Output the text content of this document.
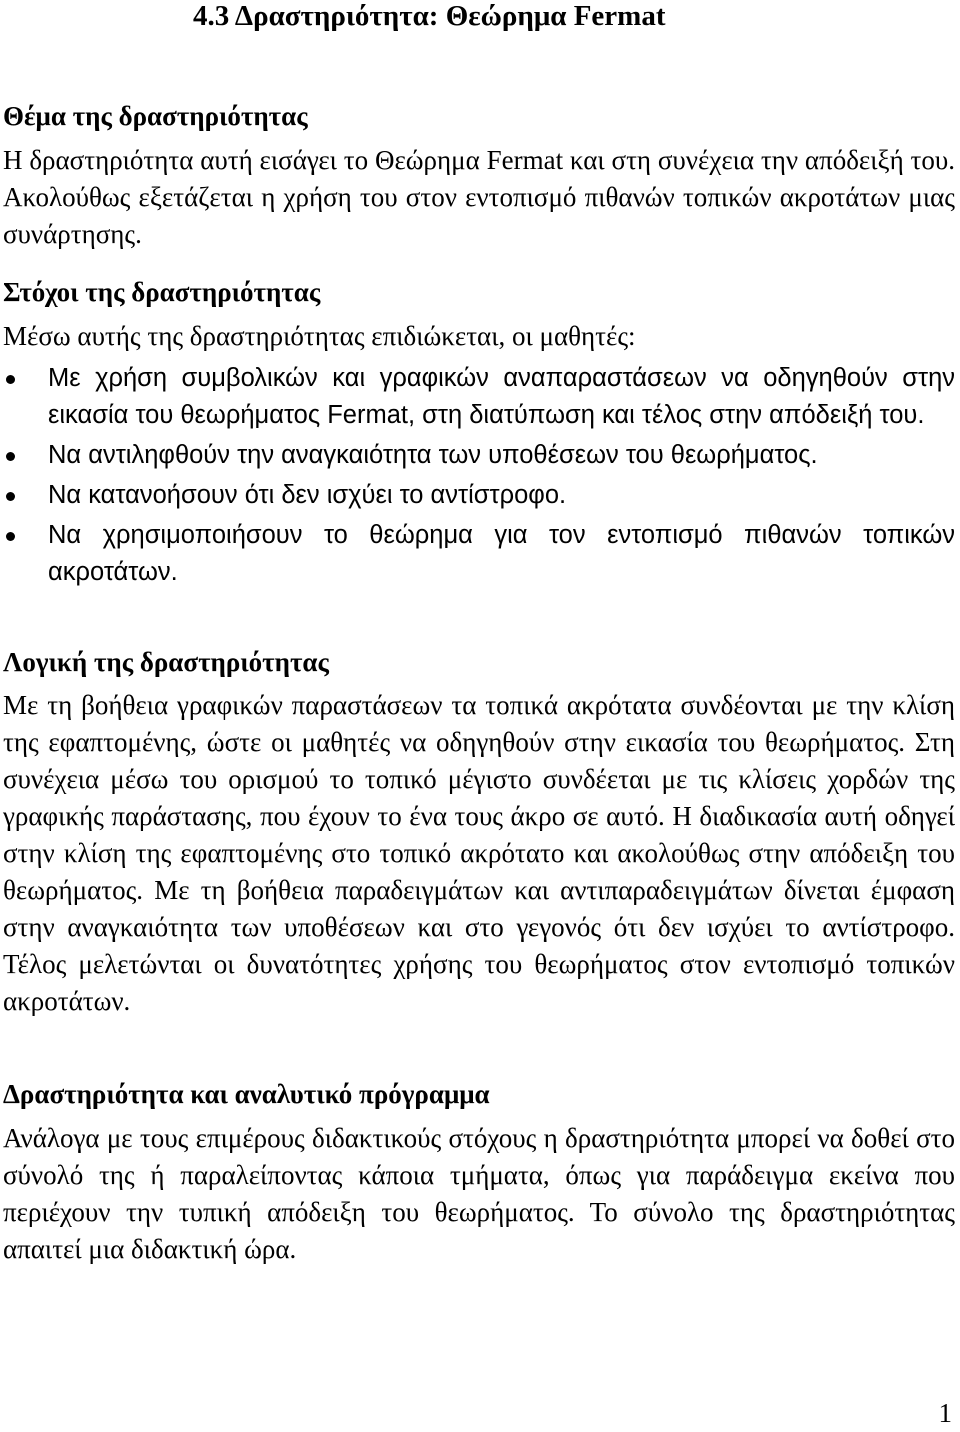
4.3 Δραστηριότητα: Θεώρημα Fermat
Θέμα της δραστηριότητας
Η δραστηριότητα αυτή εισάγει το Θεώρημα Fermat και στη συνέχεια την απόδειξή του. Ακολούθως εξετάζεται η χρήση του στον εντοπισμό πιθανών τοπικών ακροτάτων μιας συνάρτησης.
Στόχοι της δραστηριότητας
Μέσω αυτής της δραστηριότητας επιδιώκεται, οι μαθητές:
Με χρήση συμβολικών και γραφικών αναπαραστάσεων να οδηγηθούν στην εικασία του θεωρήματος Fermat, στη διατύπωση και τέλος στην απόδειξή του.
Να αντιληφθούν την αναγκαιότητα των υποθέσεων του θεωρήματος.
Να κατανοήσουν ότι δεν ισχύει το αντίστροφο.
Να χρησιμοποιήσουν το θεώρημα για τον εντοπισμό πιθανών τοπικών ακροτάτων.
Λογική της δραστηριότητας
Με τη βοήθεια γραφικών παραστάσεων τα τοπικά ακρότατα συνδέονται με την κλίση της εφαπτομένης, ώστε οι μαθητές να οδηγηθούν στην εικασία του θεωρήματος. Στη συνέχεια μέσω του ορισμού το τοπικό μέγιστο συνδέεται με τις κλίσεις χορδών της γραφικής παράστασης, που έχουν το ένα τους άκρο σε αυτό. Η διαδικασία αυτή οδηγεί στην κλίση της εφαπτομένης στο τοπικό ακρότατο και ακολούθως στην απόδειξη του θεωρήματος. Με τη βοήθεια παραδειγμάτων και αντιπαραδειγμάτων δίνεται έμφαση στην αναγκαιότητα των υποθέσεων και στο γεγονός ότι δεν ισχύει το αντίστροφο. Τέλος μελετώνται οι δυνατότητες χρήσης του θεωρήματος στον εντοπισμό τοπικών ακροτάτων.
Δραστηριότητα και αναλυτικό πρόγραμμα
Ανάλογα με τους επιμέρους διδακτικούς στόχους η δραστηριότητα μπορεί να δοθεί στο σύνολό της ή παραλείποντας κάποια τμήματα, όπως για παράδειγμα εκείνα που περιέχουν την τυπική απόδειξη του θεωρήματος. Το σύνολο της δραστηριότητας απαιτεί μια διδακτική ώρα.
1
